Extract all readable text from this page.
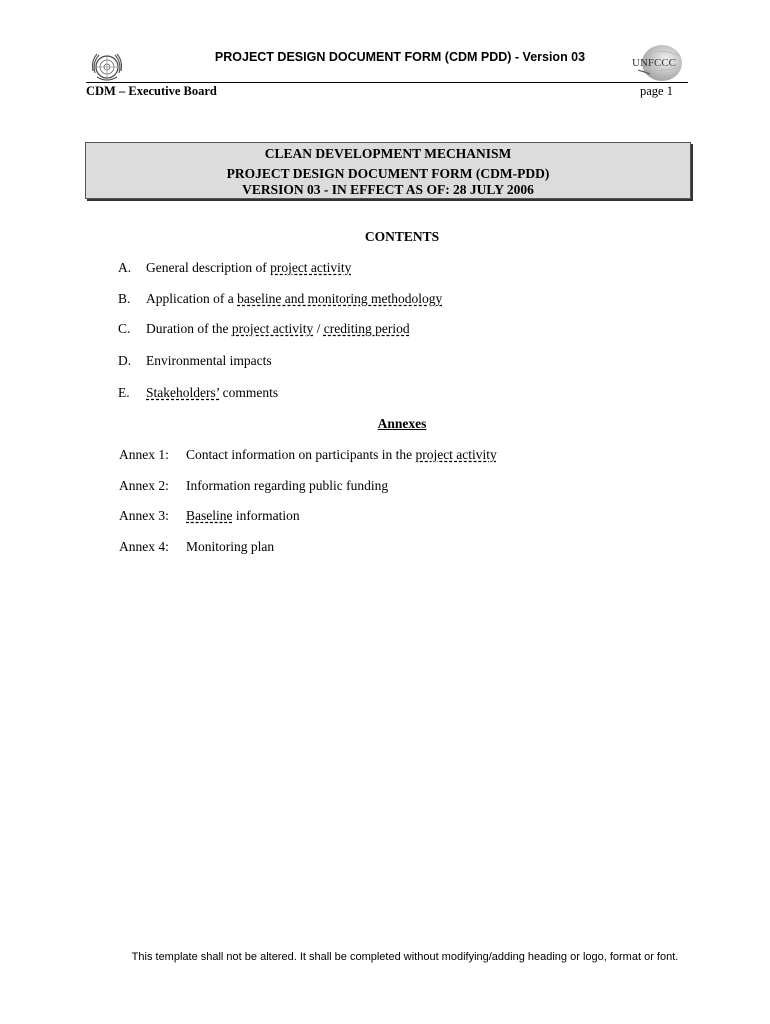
PROJECT DESIGN DOCUMENT FORM (CDM PDD) - Version 03	UNFCCC
CDM – Executive Board	page 1
CLEAN DEVELOPMENT MECHANISM
PROJECT DESIGN DOCUMENT FORM (CDM-PDD)
VERSION 03 - IN EFFECT AS OF: 28 JULY 2006
CONTENTS
A. General description of project activity
B. Application of a baseline and monitoring methodology
C. Duration of the project activity / crediting period
D. Environmental impacts
E. Stakeholders’ comments
Annexes
Annex 1: Contact information on participants in the project activity
Annex 2: Information regarding public funding
Annex 3: Baseline information
Annex 4: Monitoring plan
This template shall not be altered. It shall be completed without modifying/adding heading or logo, format or font.
